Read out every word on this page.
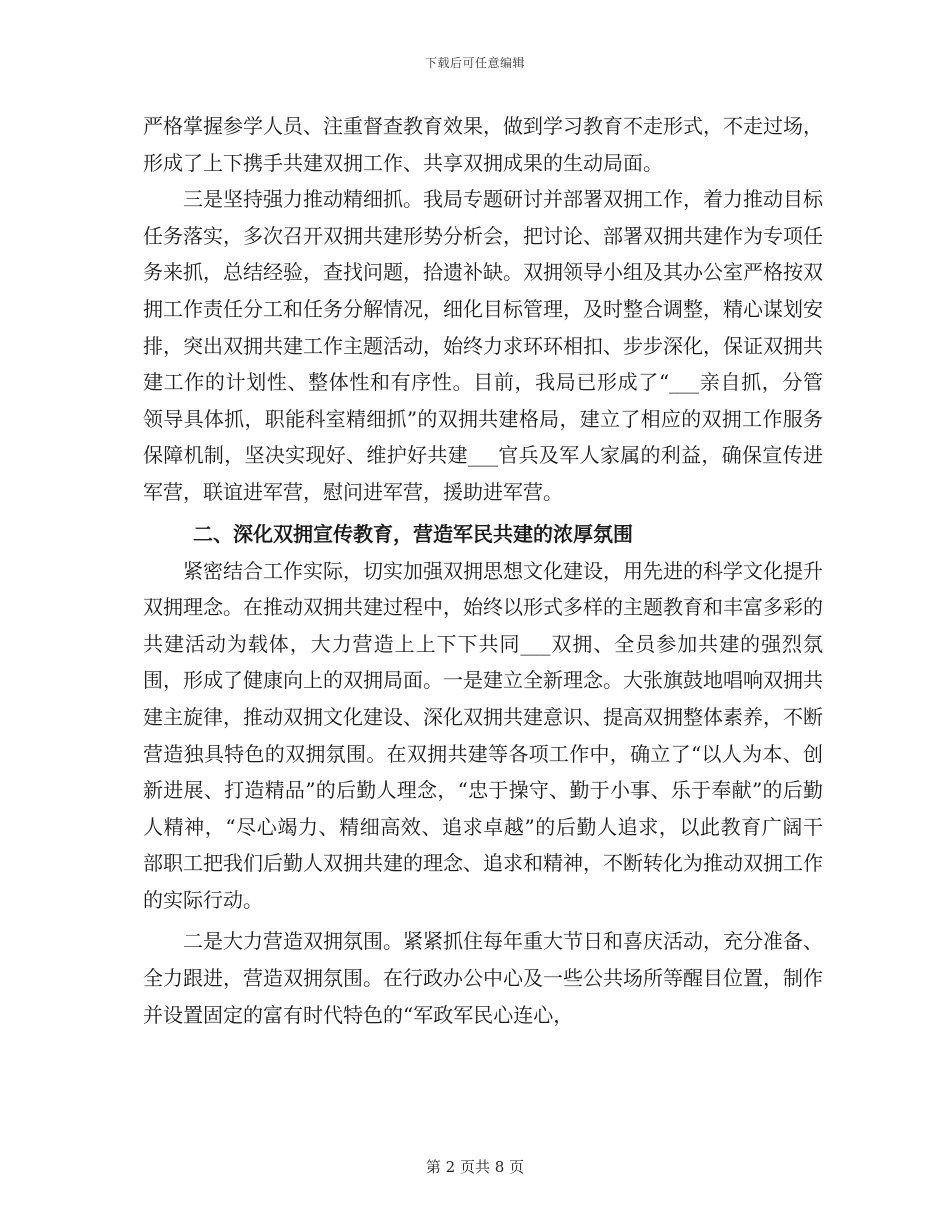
下载后可任意编辑

严格掌握参学人员、注重督查教育效果，做到学习教育不走形式，不走过场，形成了上下携手共建双拥工作、共享双拥成果的生动局面。

三是坚持强力推动精细抓。我局专题研讨并部署双拥工作，着力推动目标任务落实，多次召开双拥共建形势分析会，把讨论、部署双拥共建作为专项任务来抓，总结经验，查找问题，拾遗补缺。双拥领导小组及其办公室严格按双拥工作责任分工和任务分解情况，细化目标管理，及时整合调整，精心谋划安排，突出双拥共建工作主题活动，始终力求环环相扣、步步深化，保证双拥共建工作的计划性、整体性和有序性。目前，我局已形成了“___亲自抓，分管领导具体抓，职能科室精细抓”的双拥共建格局，建立了相应的双拥工作服务保障机制，坚决实现好、维护好共建___官兵及军人家属的利益，确保宣传进军营，联谊进军营，慰问进军营，援助进军营。

二、深化双拥宣传教育，营造军民共建的浓厚氛围

紧密结合工作实际，切实加强双拥思想文化建设，用先进的科学文化提升双拥理念。在推动双拥共建过程中，始终以形式多样的主题教育和丰富多彩的共建活动为载体，大力营造上上下下共同___双拥、全员参加共建的强烈氛围，形成了健康向上的双拥局面。一是建立全新理念。大张旗鼓地唱响双拥共建主旋律，推动双拥文化建设、深化双拥共建意识、提高双拥整体素养，不断营造独具特色的双拥氛围。在双拥共建等各项工作中，确立了“以人为本、创新进展、打造精品”的后勤人理念，“忠于操守、勤于小事、乐于奉献”的后勤人精神，“尽心竭力、精细高效、追求卓越”的后勤人追求，以此教育广阔干部职工把我们后勤人双拥共建的理念、追求和精神，不断转化为推动双拥工作的实际行动。

二是大力营造双拥氛围。紧紧抓住每年重大节日和喜庆活动，充分准备、全力跟进，营造双拥氛围。在行政办公中心及一些公共场所等醒目位置，制作并设置固定的富有时代特色的“军政军民心连心，

第 2 页共 8 页
